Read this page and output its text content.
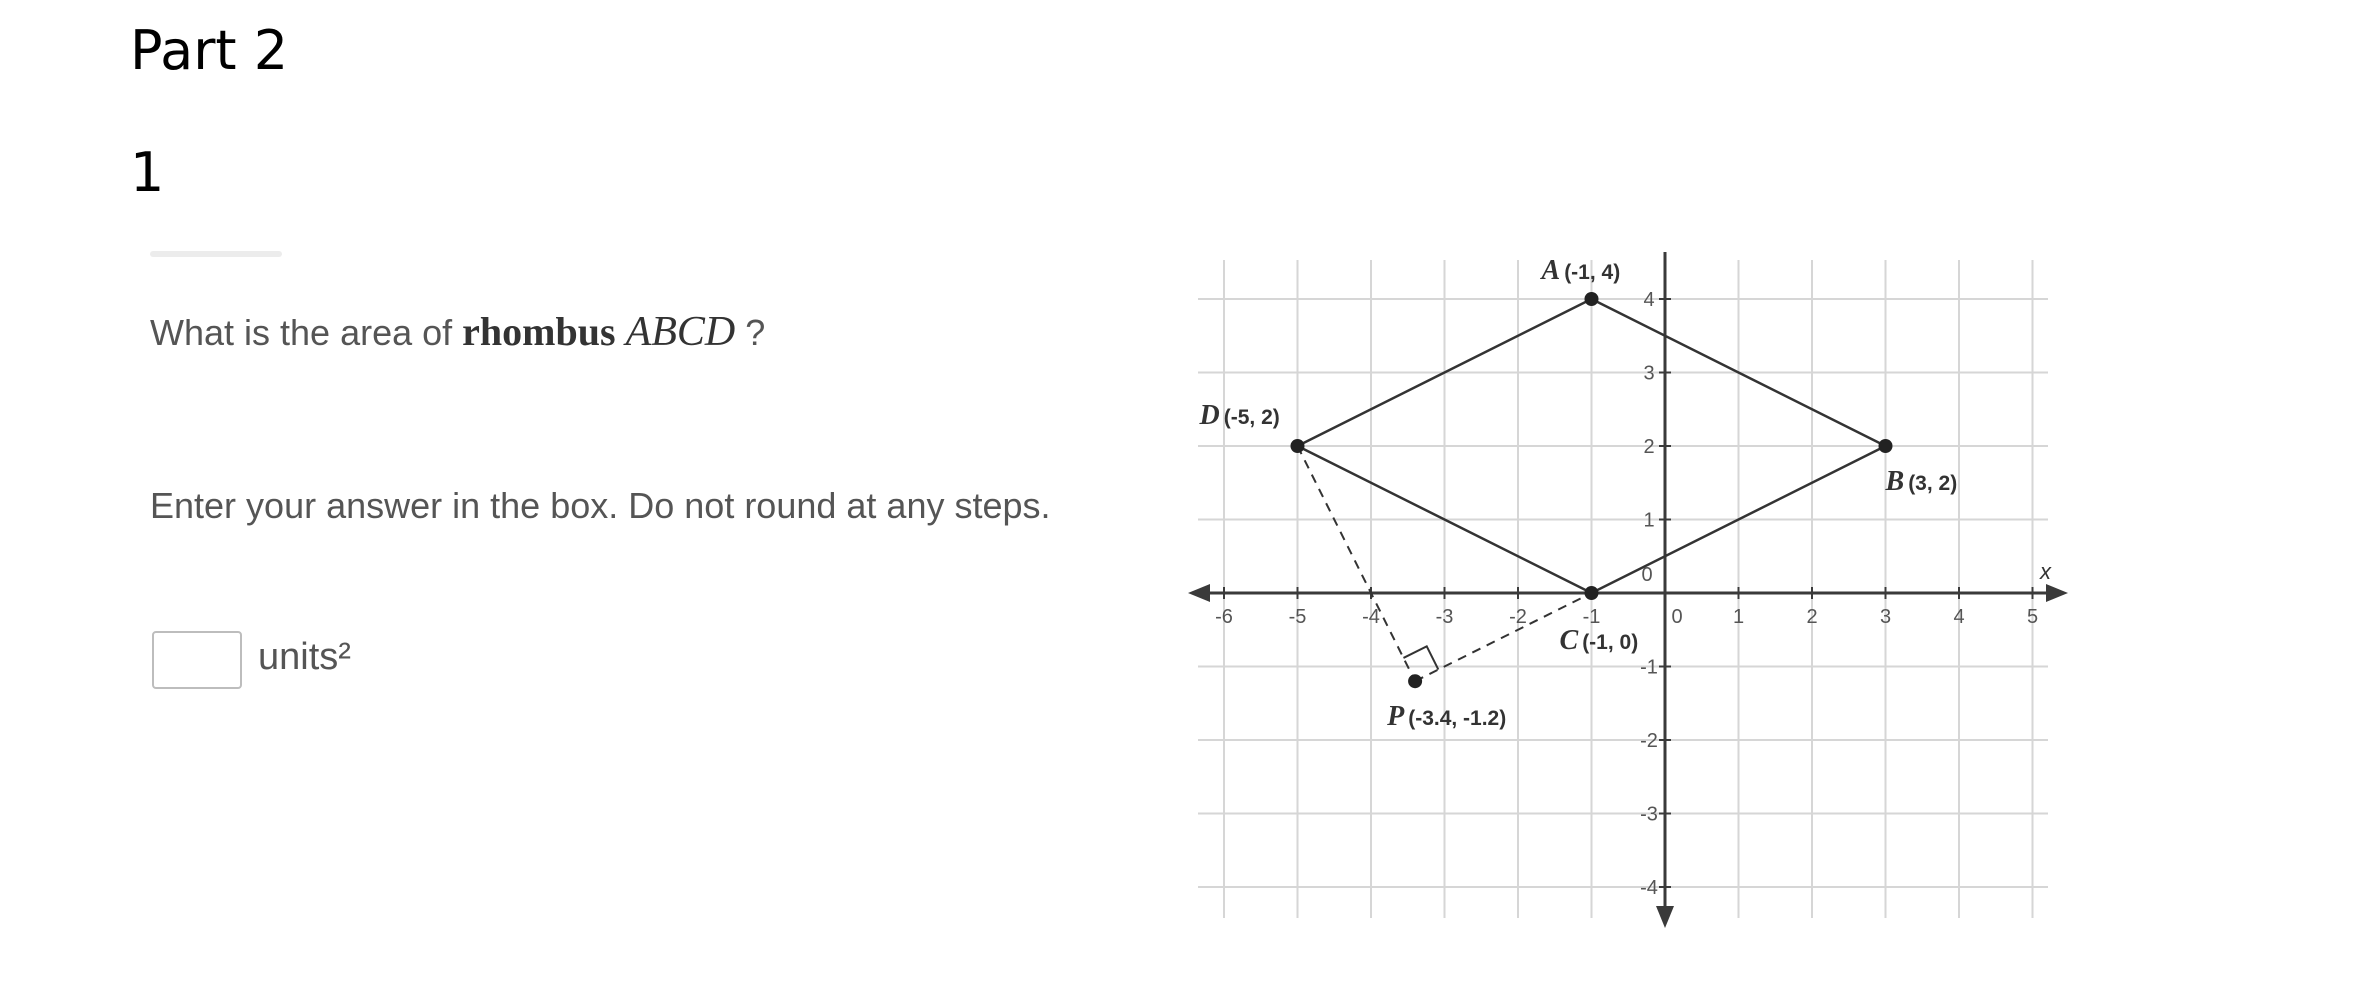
Part 2
1
What is the area of rhombus ABCD ?
Enter your answer in the box. Do not round at any steps.
units²
x
-6	-5	-4	-3	-2	-1	0	1	2	3	4	5
4
3
2
1
0
-1
-2
-3
-4
A (-1, 4)
B (3, 2)
C (-1, 0)
D (-5, 2)
P (-3.4, -1.2)
